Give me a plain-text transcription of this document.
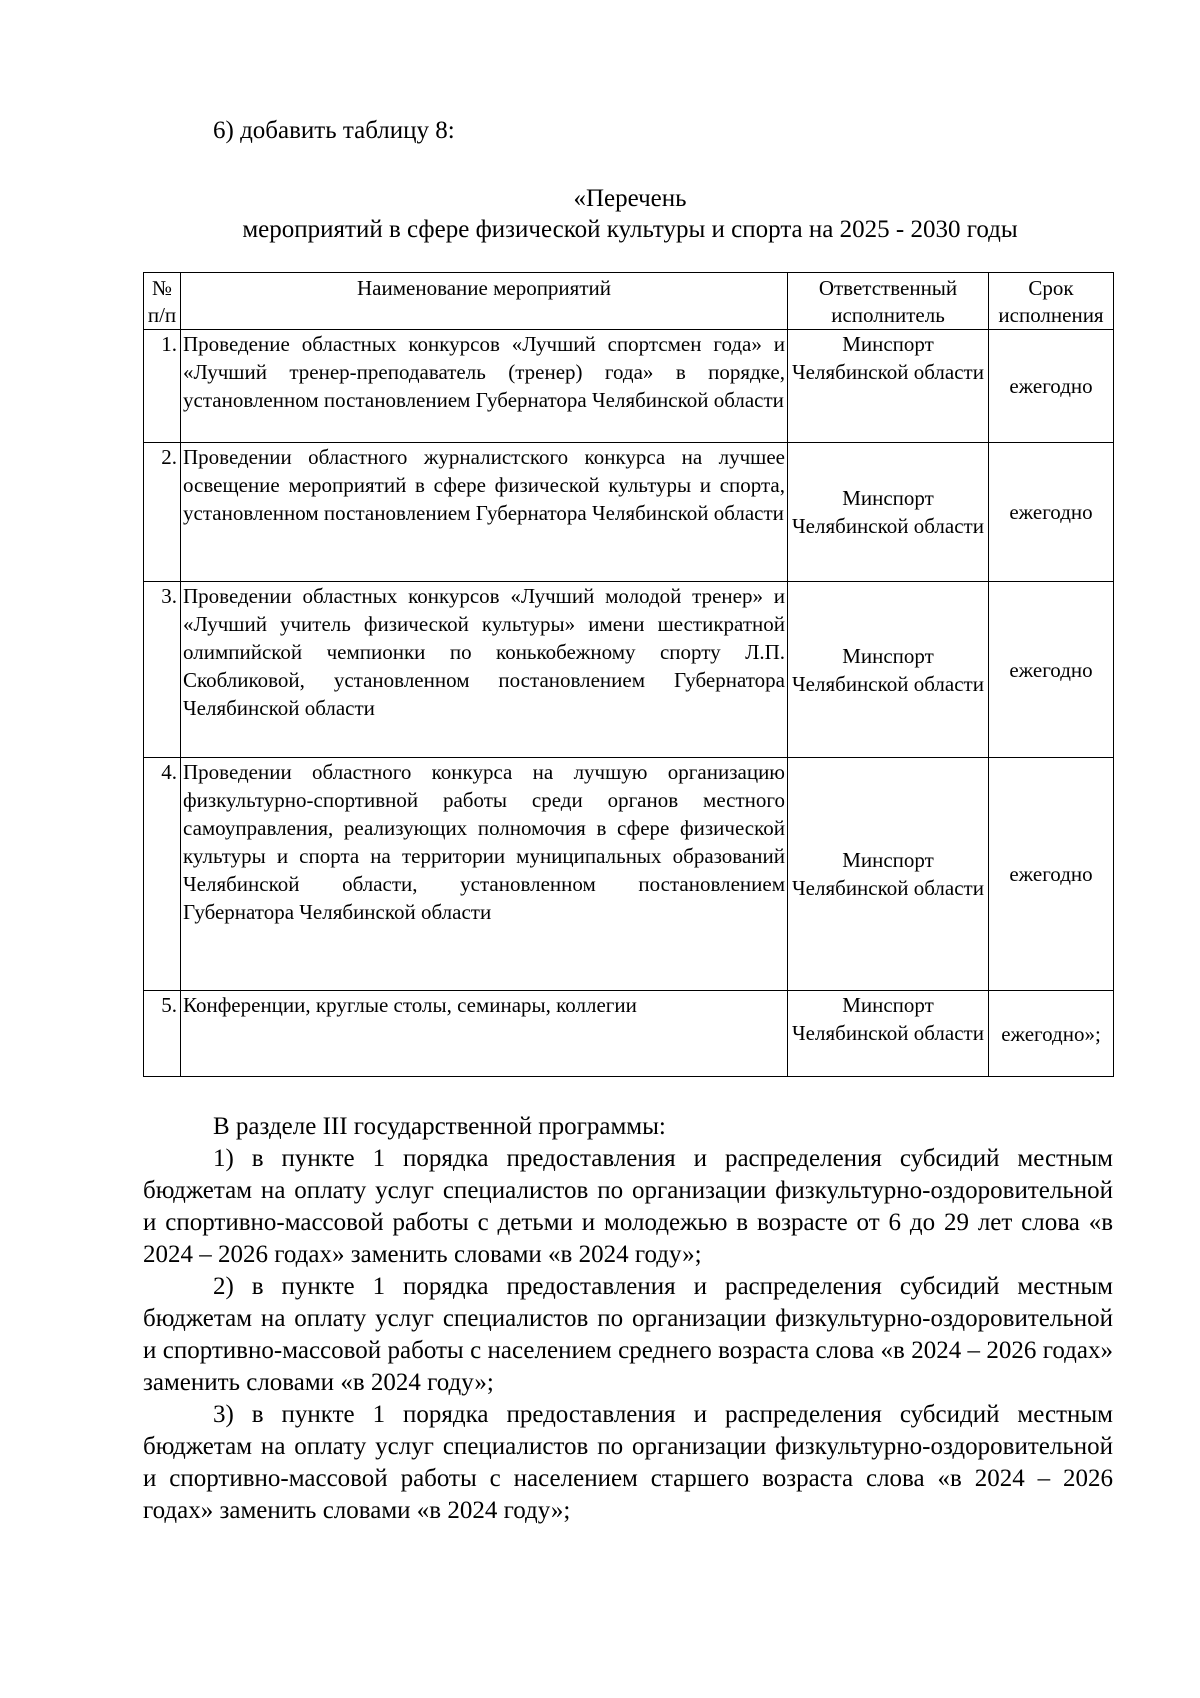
6) добавить таблицу 8:
«Перечень
мероприятий в сфере физической культуры и спорта на 2025 - 2030 годы
№ п/п	Наименование мероприятий	Ответственный исполнитель	Срок исполнения
1.	Проведение областных конкурсов «Лучший спортсмен года» и «Лучший тренер-преподаватель (тренер) года» в порядке, установленном постановлением Губернатора Челябинской области	Минспорт Челябинской области	ежегодно
2.	Проведении областного журналистского конкурса на лучшее освещение мероприятий в сфере физической культуры и спорта, установленном постановлением Губернатора Челябинской области	Минспорт Челябинской области	ежегодно
3.	Проведении областных конкурсов «Лучший молодой тренер» и «Лучший учитель физической культуры» имени шестикратной олимпийской чемпионки по конькобежному спорту Л.П. Скобликовой, установленном постановлением Губернатора Челябинской области	Минспорт Челябинской области	ежегодно
4.	Проведении областного конкурса на лучшую организацию физкультурно-спортивной работы среди органов местного самоуправления, реализующих полномочия в сфере физической культуры и спорта на территории муниципальных образований Челябинской области, установленном постановлением Губернатора Челябинской области	Минспорт Челябинской области	ежегодно
5.	Конференции, круглые столы, семинары, коллегии	Минспорт Челябинской области	ежегодно»;
В разделе III государственной программы:

1) в пункте 1 порядка предоставления и распределения субсидий местным бюджетам на оплату услуг специалистов по организации физкультурно-оздоровительной и спортивно-массовой работы с детьми и молодежью в возрасте от 6 до 29 лет слова «в 2024 – 2026 годах» заменить словами «в 2024 году»;

2) в пункте 1 порядка предоставления и распределения субсидий местным бюджетам на оплату услуг специалистов по организации физкультурно-оздоровительной и спортивно-массовой работы с населением среднего возраста слова «в 2024 – 2026 годах» заменить словами «в 2024 году»;

3) в пункте 1 порядка предоставления и распределения субсидий местным бюджетам на оплату услуг специалистов по организации физкультурно-оздоровительной и спортивно-массовой работы с населением старшего возраста слова «в 2024 – 2026 годах» заменить словами «в 2024 году»;
